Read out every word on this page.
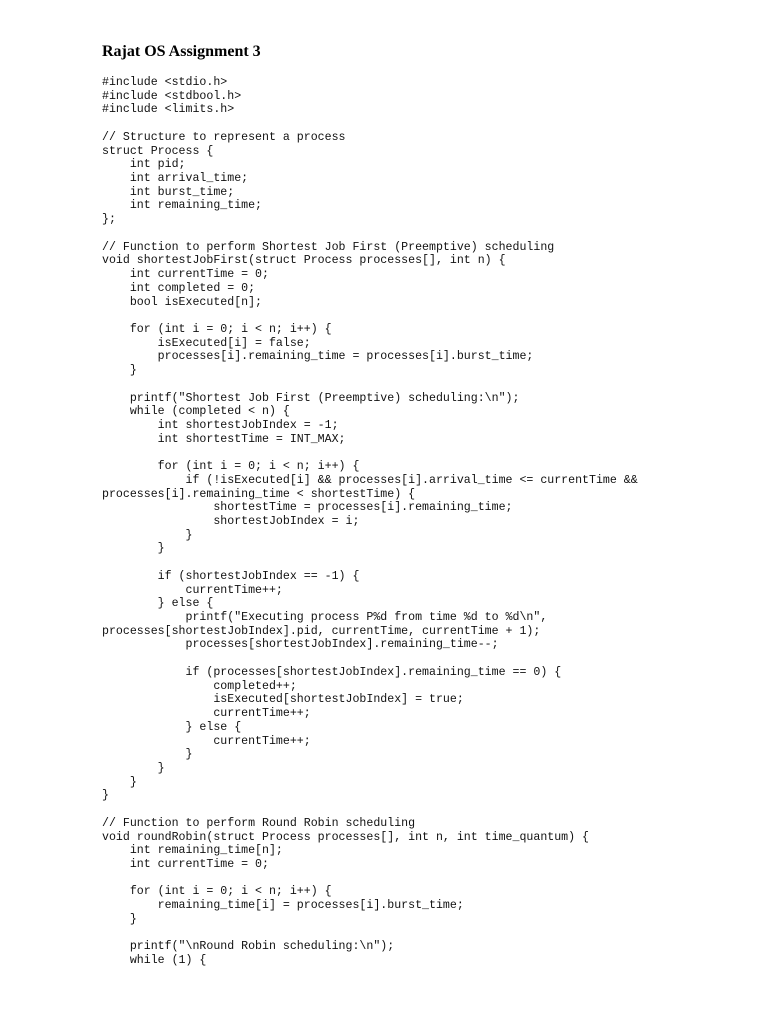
Rajat OS Assignment 3
#include <stdio.h>
#include <stdbool.h>
#include <limits.h>
// Structure to represent a process
struct Process {
int pid;
int arrival_time;
int burst_time;
int remaining_time;
};
// Function to perform Shortest Job First (Preemptive) scheduling
void shortestJobFirst(struct Process processes[], int n) {
int currentTime = 0;
int completed = 0;
bool isExecuted[n];
for (int i = 0; i < n; i++) {
isExecuted[i] = false;
processes[i].remaining_time = processes[i].burst_time;
}
printf("Shortest Job First (Preemptive) scheduling:\n");
while (completed < n) {
int shortestJobIndex = -1;
int shortestTime = INT_MAX;
for (int i = 0; i < n; i++) {
if (!isExecuted[i] && processes[i].arrival_time <= currentTime &&
processes[i].remaining_time < shortestTime) {
shortestTime = processes[i].remaining_time;
shortestJobIndex = i;
}
}
if (shortestJobIndex == -1) {
currentTime++;
} else {
printf("Executing process P%d from time %d to %d\n",
processes[shortestJobIndex].pid, currentTime, currentTime + 1);
processes[shortestJobIndex].remaining_time--;
if (processes[shortestJobIndex].remaining_time == 0) {
completed++;
isExecuted[shortestJobIndex] = true;
currentTime++;
} else {
currentTime++;
}
}
}
}
// Function to perform Round Robin scheduling
void roundRobin(struct Process processes[], int n, int time_quantum) {
int remaining_time[n];
int currentTime = 0;
for (int i = 0; i < n; i++) {
remaining_time[i] = processes[i].burst_time;
}
printf("\nRound Robin scheduling:\n");
while (1) {
